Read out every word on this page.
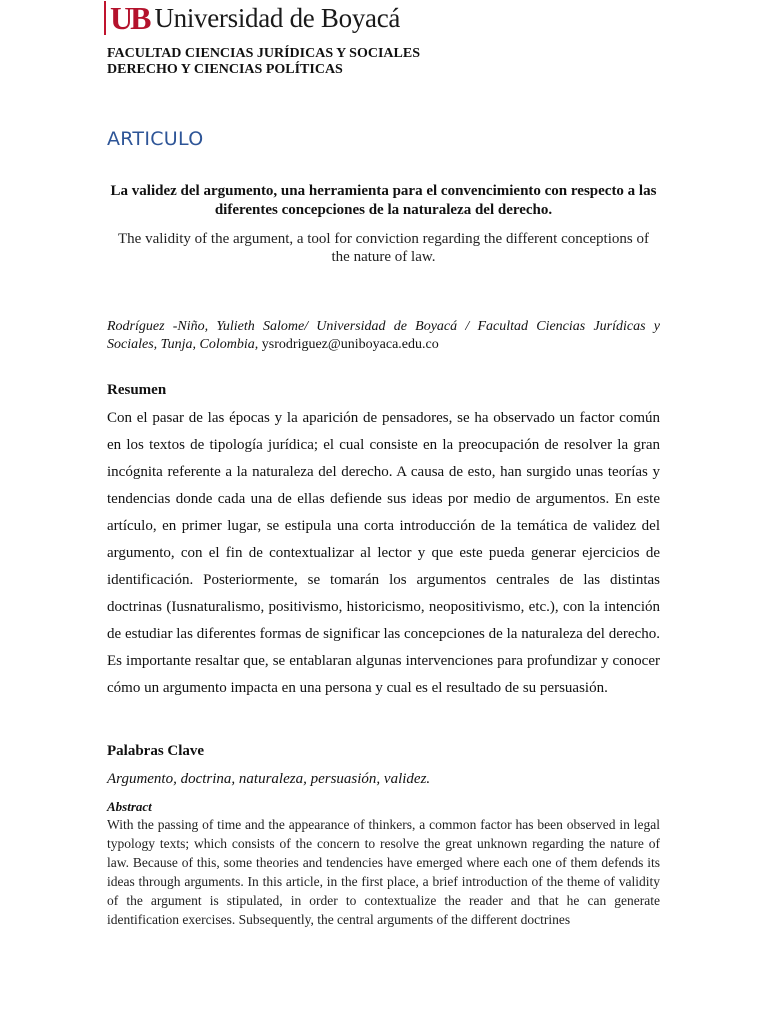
UB Universidad de Boyacá
FACULTAD CIENCIAS JURÍDICAS Y SOCIALES
DERECHO Y CIENCIAS POLÍTICAS
ARTICULO
La validez del argumento, una herramienta para el convencimiento con respecto a las diferentes concepciones de la naturaleza del derecho.
The validity of the argument, a tool for conviction regarding the different conceptions of the nature of law.
Rodríguez -Niño, Yulieth Salome/ Universidad de Boyacá / Facultad Ciencias Jurídicas y Sociales, Tunja, Colombia, ysrodriguez@uniboyaca.edu.co
Resumen
Con el pasar de las épocas y la aparición de pensadores, se ha observado un factor común en los textos de tipología jurídica; el cual consiste en la preocupación de resolver la gran incógnita referente a la naturaleza del derecho. A causa de esto, han surgido unas teorías y tendencias donde cada una de ellas defiende sus ideas por medio de argumentos. En este artículo, en primer lugar, se estipula una corta introducción de la temática de validez del argumento, con el fin de contextualizar al lector y que este pueda generar ejercicios de identificación. Posteriormente, se tomarán los argumentos centrales de las distintas doctrinas (Iusnaturalismo, positivismo, historicismo, neopositivismo, etc.), con la intención de estudiar las diferentes formas de significar las concepciones de la naturaleza del derecho. Es importante resaltar que, se entablaran algunas intervenciones para profundizar y conocer cómo un argumento impacta en una persona y cual es el resultado de su persuasión.
Palabras Clave
Argumento, doctrina, naturaleza, persuasión, validez.
Abstract
With the passing of time and the appearance of thinkers, a common factor has been observed in legal typology texts; which consists of the concern to resolve the great unknown regarding the nature of law. Because of this, some theories and tendencies have emerged where each one of them defends its ideas through arguments. In this article, in the first place, a brief introduction of the theme of validity of the argument is stipulated, in order to contextualize the reader and that he can generate identification exercises. Subsequently, the central arguments of the different doctrines
